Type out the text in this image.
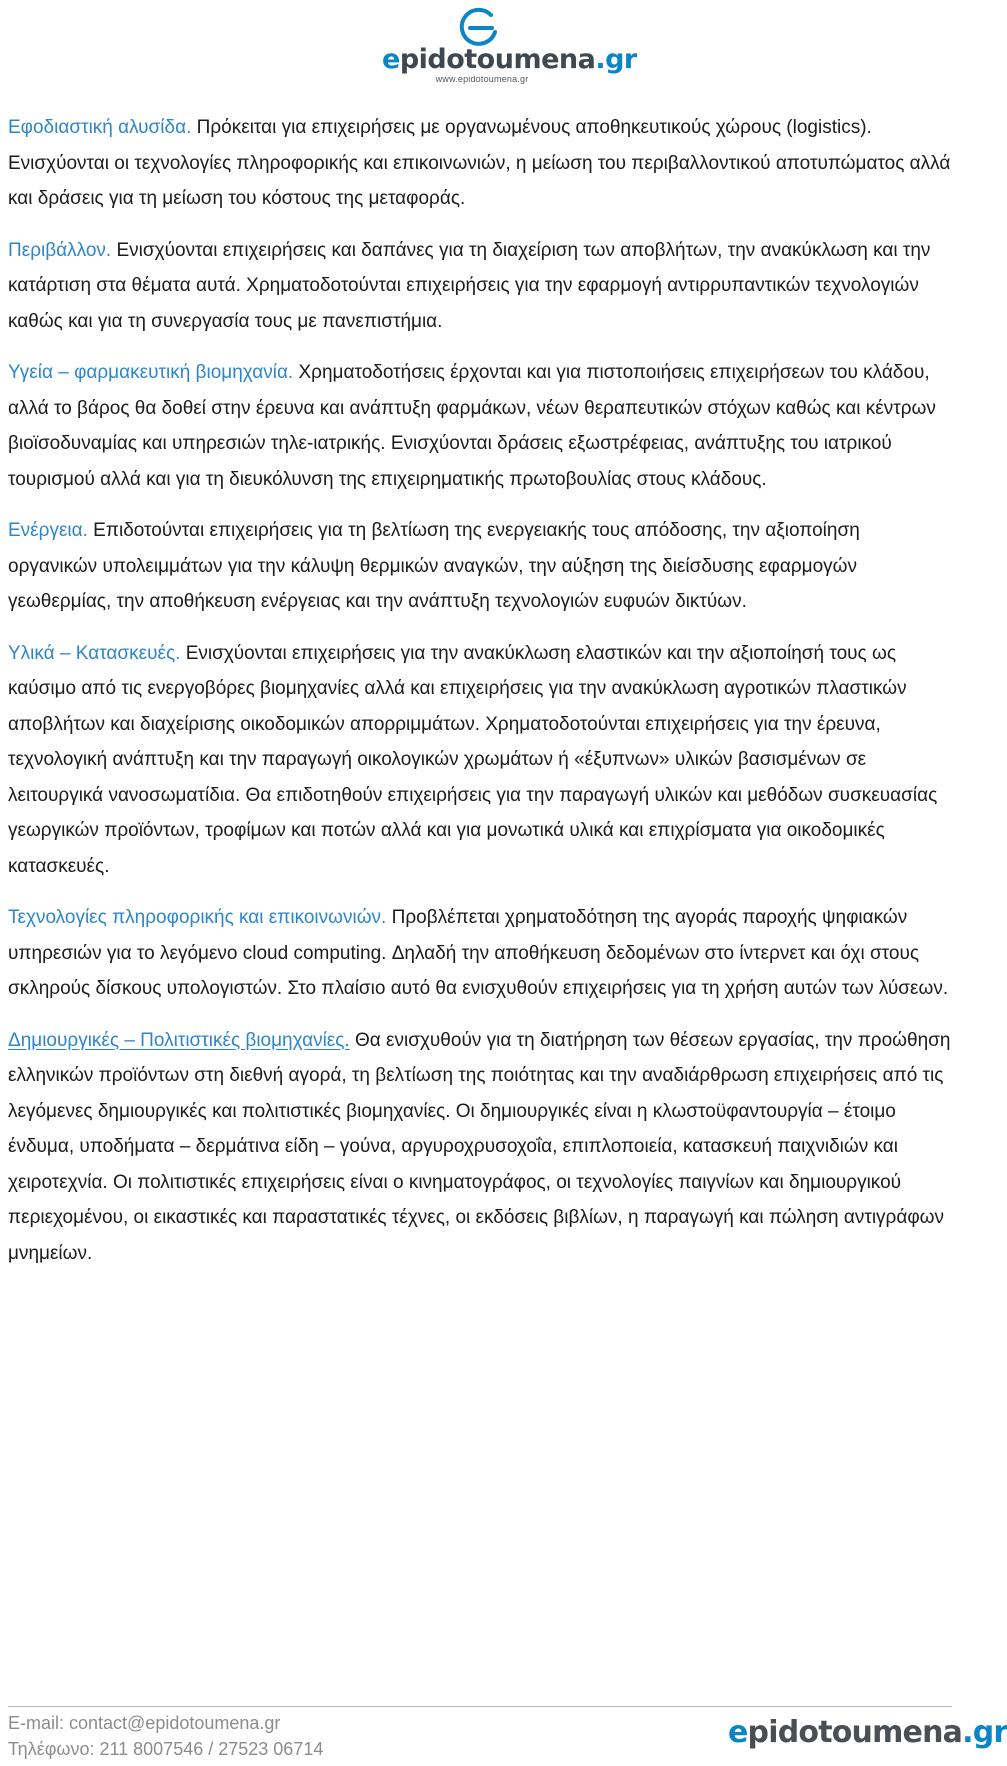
epidotoumena.gr
www.epidotoumena.gr

Εφοδιαστική αλυσίδα. Πρόκειται για επιχειρήσεις με οργανωμένους αποθηκευτικούς χώρους (logistics). Ενισχύονται οι τεχνολογίες πληροφορικής και επικοινωνιών, η μείωση του περιβαλλοντικού αποτυπώματος αλλά και δράσεις για τη μείωση του κόστους της μεταφοράς.

Περιβάλλον. Ενισχύονται επιχειρήσεις και δαπάνες για τη διαχείριση των αποβλήτων, την ανακύκλωση και την κατάρτιση στα θέματα αυτά. Χρηματοδοτούνται επιχειρήσεις για την εφαρμογή αντιρρυπαντικών τεχνολογιών καθώς και για τη συνεργασία τους με πανεπιστήμια.

Υγεία – φαρμακευτική βιομηχανία. Χρηματοδοτήσεις έρχονται και για πιστοποιήσεις επιχειρήσεων του κλάδου, αλλά το βάρος θα δοθεί στην έρευνα και ανάπτυξη φαρμάκων, νέων θεραπευτικών στόχων καθώς και κέντρων βιοϊσοδυναμίας και υπηρεσιών τηλε-ιατρικής. Ενισχύονται δράσεις εξωστρέφειας, ανάπτυξης του ιατρικού τουρισμού αλλά και για τη διευκόλυνση της επιχειρηματικής πρωτοβουλίας στους κλάδους.

Ενέργεια. Επιδοτούνται επιχειρήσεις για τη βελτίωση της ενεργειακής τους απόδοσης, την αξιοποίηση οργανικών υπολειμμάτων για την κάλυψη θερμικών αναγκών, την αύξηση της διείσδυσης εφαρμογών γεωθερμίας, την αποθήκευση ενέργειας και την ανάπτυξη τεχνολογιών ευφυών δικτύων.

Υλικά – Κατασκευές. Ενισχύονται επιχειρήσεις για την ανακύκλωση ελαστικών και την αξιοποίησή τους ως καύσιμο από τις ενεργοβόρες βιομηχανίες αλλά και επιχειρήσεις για την ανακύκλωση αγροτικών πλαστικών αποβλήτων και διαχείρισης οικοδομικών απορριμμάτων. Χρηματοδοτούνται επιχειρήσεις για την έρευνα, τεχνολογική ανάπτυξη και την παραγωγή οικολογικών χρωμάτων ή «έξυπνων» υλικών βασισμένων σε λειτουργικά νανοσωματίδια. Θα επιδοτηθούν επιχειρήσεις για την παραγωγή υλικών και μεθόδων συσκευασίας γεωργικών προϊόντων, τροφίμων και ποτών αλλά και για μονωτικά υλικά και επιχρίσματα για οικοδομικές κατασκευές.

Τεχνολογίες πληροφορικής και επικοινωνιών. Προβλέπεται χρηματοδότηση της αγοράς παροχής ψηφιακών υπηρεσιών για το λεγόμενο cloud computing. Δηλαδή την αποθήκευση δεδομένων στο ίντερνετ και όχι στους σκληρούς δίσκους υπολογιστών. Στο πλαίσιο αυτό θα ενισχυθούν επιχειρήσεις για τη χρήση αυτών των λύσεων.

Δημιουργικές – Πολιτιστικές βιομηχανίες. Θα ενισχυθούν για τη διατήρηση των θέσεων εργασίας, την προώθηση ελληνικών προϊόντων στη διεθνή αγορά, τη βελτίωση της ποιότητας και την αναδιάρθρωση επιχειρήσεις από τις λεγόμενες δημιουργικές και πολιτιστικές βιομηχανίες. Οι δημιουργικές είναι η κλωστοϋφαντουργία – έτοιμο ένδυμα, υποδήματα – δερμάτινα είδη – γούνα, αργυροχρυσοχοΐα, επιπλοποιεία, κατασκευή παιχνιδιών και χειροτεχνία. Οι πολιτιστικές επιχειρήσεις είναι ο κινηματογράφος, οι τεχνολογίες παιγνίων και δημιουργικού περιεχομένου, οι εικαστικές και παραστατικές τέχνες, οι εκδόσεις βιβλίων, η παραγωγή και πώληση αντιγράφων μνημείων.

E-mail: contact@epidotoumena.gr
Τηλέφωνο: 211 8007546 / 27523 06714	epidotoumena.gr
